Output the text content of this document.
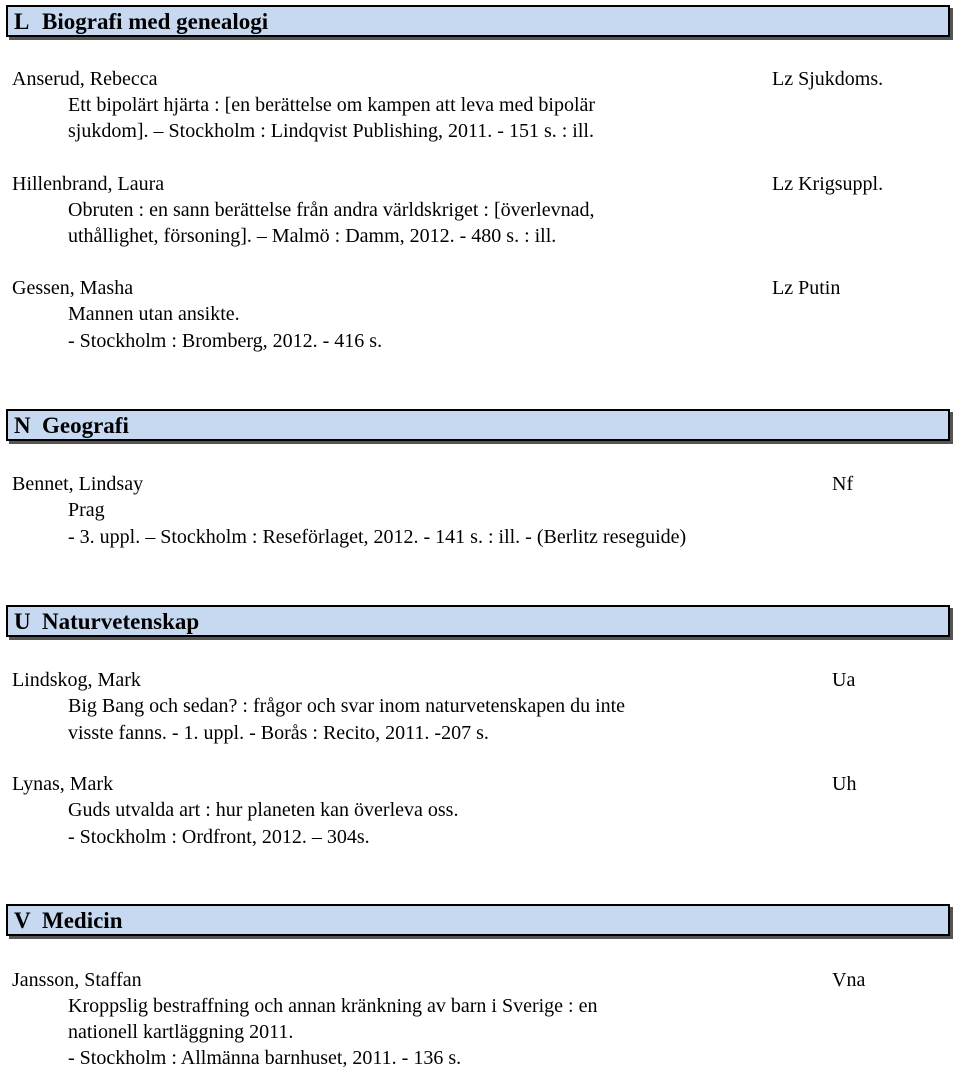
L Biografi med genealogi
Anserud, Rebecca
Ett bipolärt hjärta : [en berättelse om kampen att leva med bipolär
sjukdom]. – Stockholm : Lindqvist Publishing, 2011. - 151 s. : ill.
Lz Sjukdoms.
Hillenbrand, Laura
Obruten : en sann berättelse från andra världskriget : [överlevnad,
uthållighet, försoning]. – Malmö : Damm, 2012. - 480 s. : ill.
Lz Krigsuppl.
Gessen, Masha
Mannen utan ansikte.
- Stockholm : Bromberg, 2012. - 416 s.
Lz Putin
N Geografi
Bennet, Lindsay
Prag
- 3. uppl. – Stockholm : Reseförlaget, 2012. - 141 s. : ill. - (Berlitz reseguide)
Nf
U Naturvetenskap
Lindskog, Mark
Big Bang och sedan? : frågor och svar inom naturvetenskapen du inte
visste fanns. - 1. uppl. - Borås : Recito, 2011. -207 s.
Ua
Lynas, Mark
Guds utvalda art : hur planeten kan överleva oss.
- Stockholm : Ordfront, 2012. – 304s.
Uh
V Medicin
Jansson, Staffan
Kroppslig bestraffning och annan kränkning av barn i Sverige : en
nationell kartläggning 2011.
- Stockholm : Allmänna barnhuset, 2011. - 136 s.
Vna
